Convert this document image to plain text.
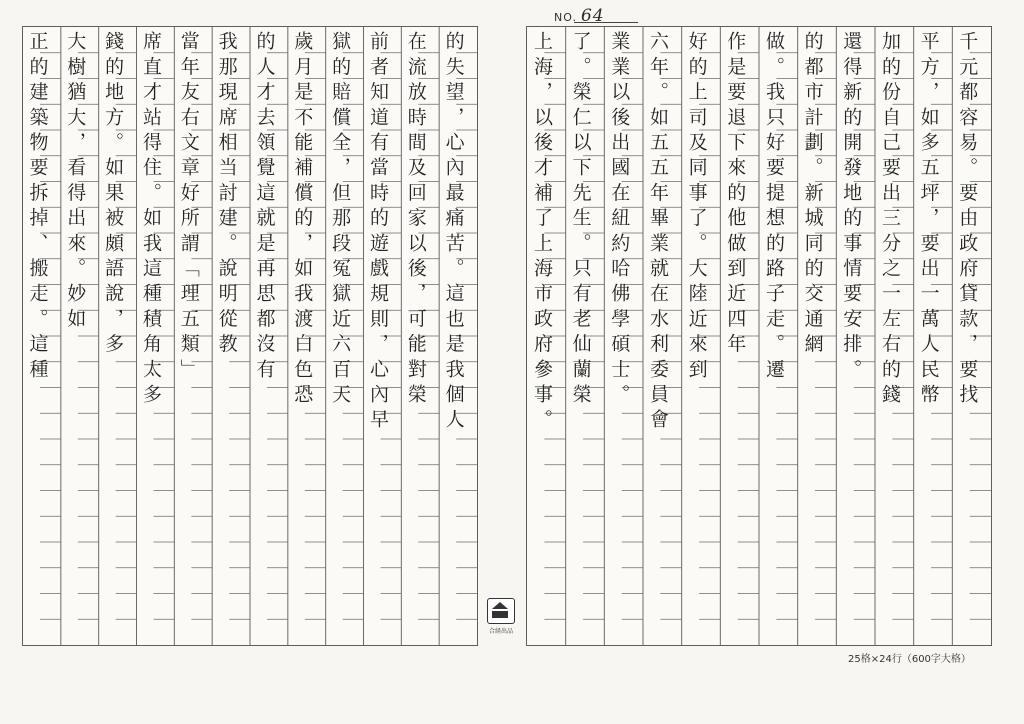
NO. 64
正的建築物要拆掉、搬走。這種 大樹猶大，看得出來。妙如 錢的地方。如果被頗語說，多 席直才站得住。如我這種積角太多 當年友右文章好所謂「理五類」 我那現席相当討建。說明從教 的人才去領覺這就是再思都沒有 歲月是不能補償的，如我渡白色恐 獄的賠償全，但那段冤獄近六百天 前者知道有當時的遊戲規則，心內早 在流放時間及回家以後，可能對榮 的失望，心內最痛苦。這也是我個人	上海，以後才補了上海市政府參事。 了。榮仁以下先生。只有老仙蘭榮 業業以後出國在紐約哈佛學碩士。 六年。如五五年畢業就在水利委員會 好的上司及同事了。大陸近來到 作是要退下來的他做到近四年 做。我只好要提想的路子走。遷 的都市計劃。新城同的交通網 還得新的開發地的事情要安排。 加的份自己要出三分之一左右的錢 平方，如多五坪，要出一萬人民幣 千元都容易。要由政府貸款，要找
合経出品
25格×24行（600字大格）
